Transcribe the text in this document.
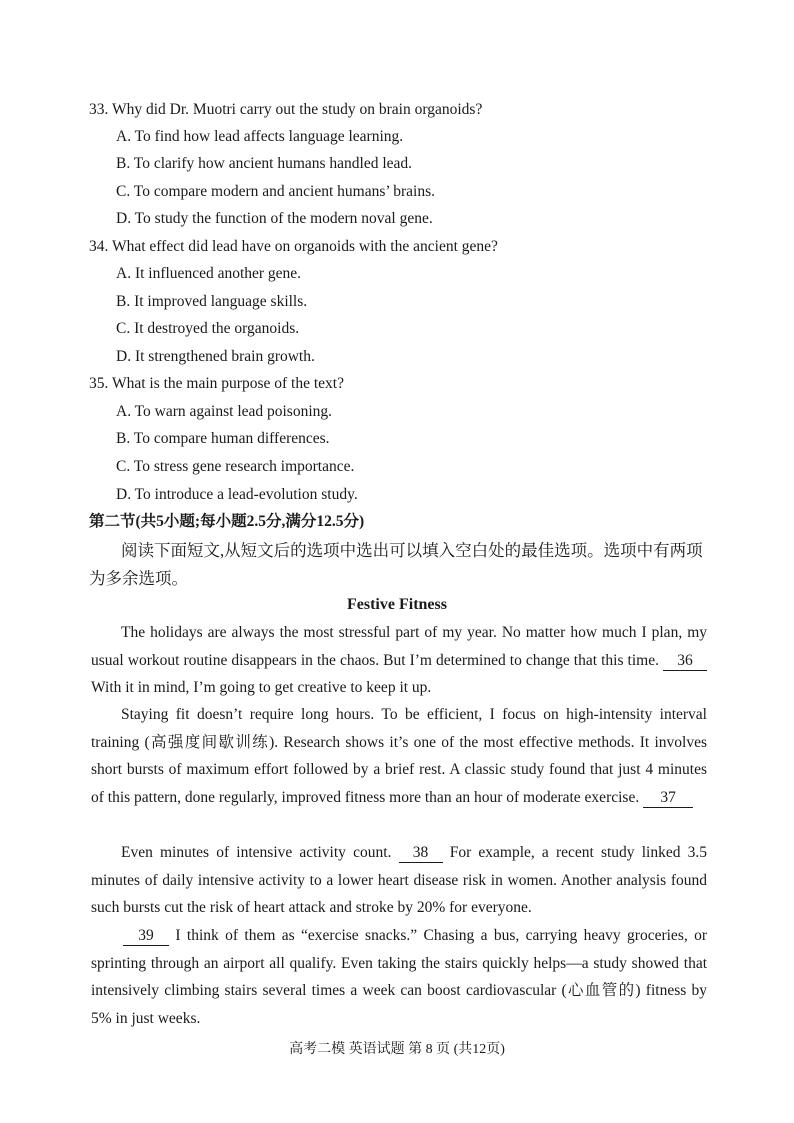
33. Why did Dr. Muotri carry out the study on brain organoids?
A. To find how lead affects language learning.
B. To clarify how ancient humans handled lead.
C. To compare modern and ancient humans’ brains.
D. To study the function of the modern noval gene.
34. What effect did lead have on organoids with the ancient gene?
A. It influenced another gene.
B. It improved language skills.
C. It destroyed the organoids.
D. It strengthened brain growth.
35. What is the main purpose of the text?
A. To warn against lead poisoning.
B. To compare human differences.
C. To stress gene research importance.
D. To introduce a lead-evolution study.
第二节(共5小题;每小题2.5分,满分12.5分)
阅读下面短文,从短文后的选项中选出可以填入空白处的最佳选项。选项中有两项为多余选项。
Festive Fitness
The holidays are always the most stressful part of my year. No matter how much I plan, my usual workout routine disappears in the chaos. But I’m determined to change that this time. 36 With it in mind, I’m going to get creative to keep it up.
Staying fit doesn’t require long hours. To be efficient, I focus on high-intensity interval training (高强度间歇训练). Research shows it’s one of the most effective methods. It involves short bursts of maximum effort followed by a brief rest. A classic study found that just 4 minutes of this pattern, done regularly, improved fitness more than an hour of moderate exercise. 37
Even minutes of intensive activity count. 38 For example, a recent study linked 3.5 minutes of daily intensive activity to a lower heart disease risk in women. Another analysis found such bursts cut the risk of heart attack and stroke by 20% for everyone.
39 I think of them as “exercise snacks.” Chasing a bus, carrying heavy groceries, or sprinting through an airport all qualify. Even taking the stairs quickly helps—a study showed that intensively climbing stairs several times a week can boost cardiovascular (心血管的) fitness by 5% in just weeks.
高考二模 英语试题 第 8 页 (共12页)
